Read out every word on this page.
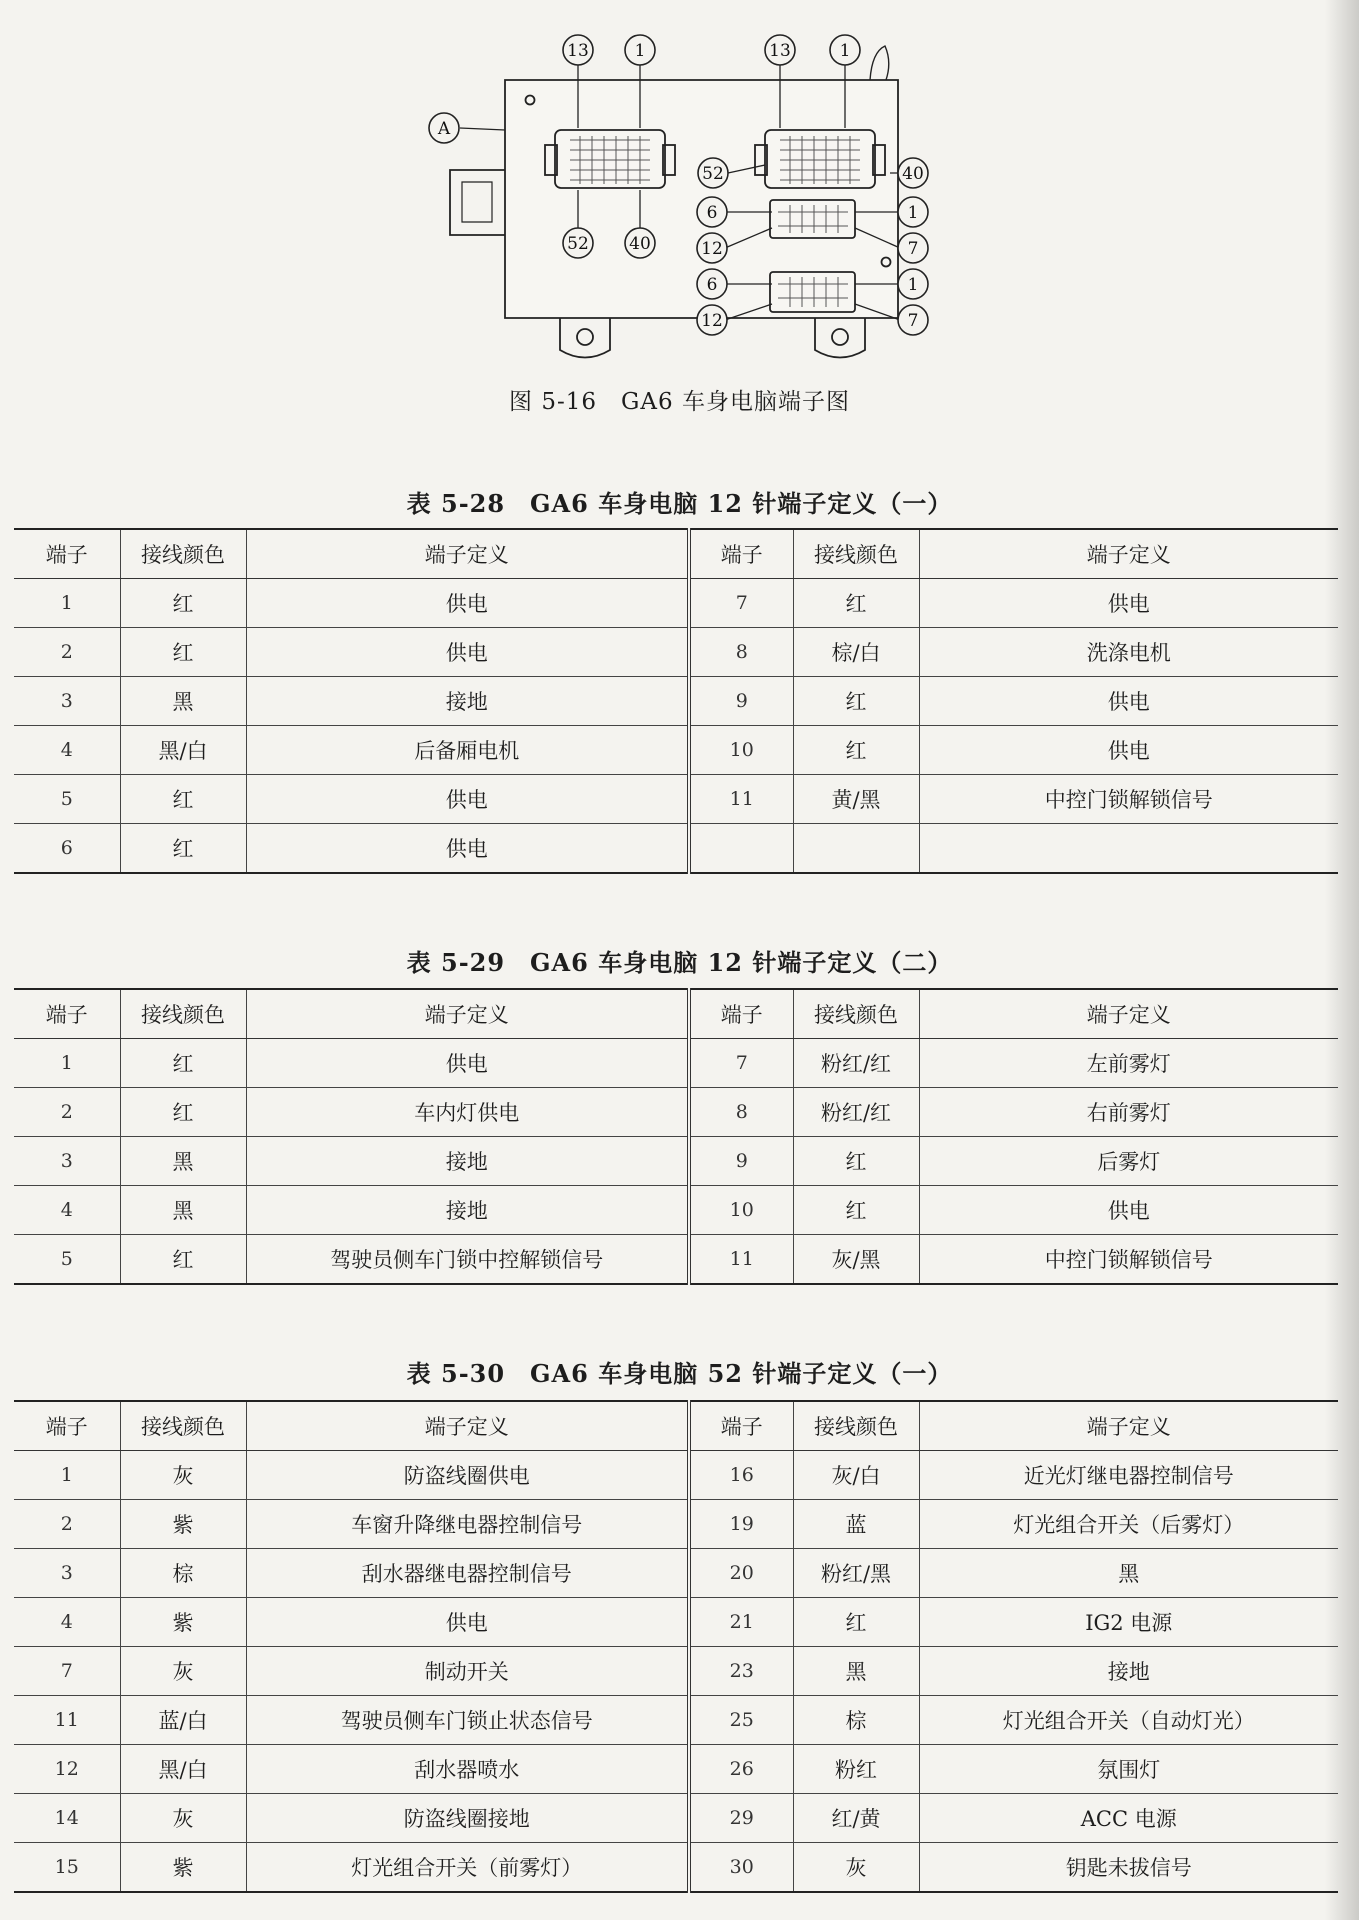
A
13	1
52 40
13	1
52	40
6	1
12	7
6	1
12	7
图 5-16　GA6 车身电脑端子图
表 5-28　GA6 车身电脑 12 针端子定义（一）
端子	接线颜色	端子定义	端子	接线颜色	端子定义
1	红	供电	7	红	供电
2	红	供电	8	棕/白	洗涤电机
3	黑	接地	9	红	供电
4	黑/白	后备厢电机	10	红	供电
5	红	供电	11	黄/黑	中控门锁解锁信号
6	红	供电			
表 5-29　GA6 车身电脑 12 针端子定义（二）
端子	接线颜色	端子定义	端子	接线颜色	端子定义
1	红	供电	7	粉红/红	左前雾灯
2	红	车内灯供电	8	粉红/红	右前雾灯
3	黑	接地	9	红	后雾灯
4	黑	接地	10	红	供电
5	红	驾驶员侧车门锁中控解锁信号	11	灰/黑	中控门锁解锁信号
表 5-30　GA6 车身电脑 52 针端子定义（一）
端子	接线颜色	端子定义	端子	接线颜色	端子定义
1	灰	防盗线圈供电	16	灰/白	近光灯继电器控制信号
2	紫	车窗升降继电器控制信号	19	蓝	灯光组合开关（后雾灯）
3	棕	刮水器继电器控制信号	20	粉红/黑	黑
4	紫	供电	21	红	IG2 电源
7	灰	制动开关	23	黑	接地
11	蓝/白	驾驶员侧车门锁止状态信号	25	棕	灯光组合开关（自动灯光）
12	黑/白	刮水器喷水	26	粉红	氛围灯
14	灰	防盗线圈接地	29	红/黄	ACC 电源
15	紫	灯光组合开关（前雾灯）	30	灰	钥匙未拔信号
